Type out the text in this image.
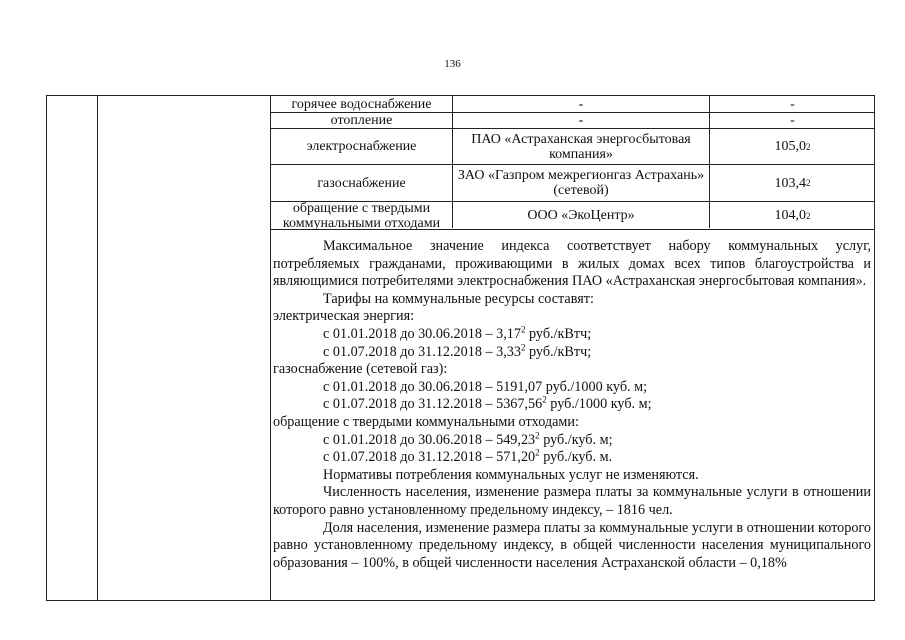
136
горячее водоснабжение	-	-
отопление	-	-
электроснабжение	ПАО «Астраханская энергосбытовая компания»	105,0 2
газоснабжение	ЗАО «Газпром межрегионгаз Астрахань» (сетевой)	103,4 2
обращение с твердыми коммунальными отходами	ООО «ЭкоЦентр»	104,0 2

Максимальное значение индекса соответствует набору коммунальных услуг, потребляемых гражданами, проживающими в жилых домах всех типов благоустройства и являющимися потребителями электроснабжения ПАО «Астраханская энергосбытовая компания».

Тарифы на коммунальные ресурсы составят:

электрическая энергия:

с 01.01.2018 до 30.06.2018 – 3,17$^2$ руб./кВтч;

с 01.07.2018 до 31.12.2018 – 3,33$^2$ руб./кВтч;

газоснабжение (сетевой газ):

с 01.01.2018 до 30.06.2018 – 5191,07 руб./1000 куб. м;

с 01.07.2018 до 31.12.2018 – 5367,56$^2$ руб./1000 куб. м;

обращение с твердыми коммунальными отходами:

с 01.01.2018 до 30.06.2018 – 549,23$^2$ руб./куб. м;

с 01.07.2018 до 31.12.2018 – 571,20$^2$ руб./куб. м.

Нормативы потребления коммунальных услуг не изменяются.

Численность населения, изменение размера платы за коммунальные услуги в отношении которого равно установленному предельному индексу, – 1816 чел.

Доля населения, изменение размера платы за коммунальные услуги в отношении которого равно установленному предельному индексу, в общей численности населения муниципального образования – 100%, в общей численности населения Астраханской области – 0,18%
